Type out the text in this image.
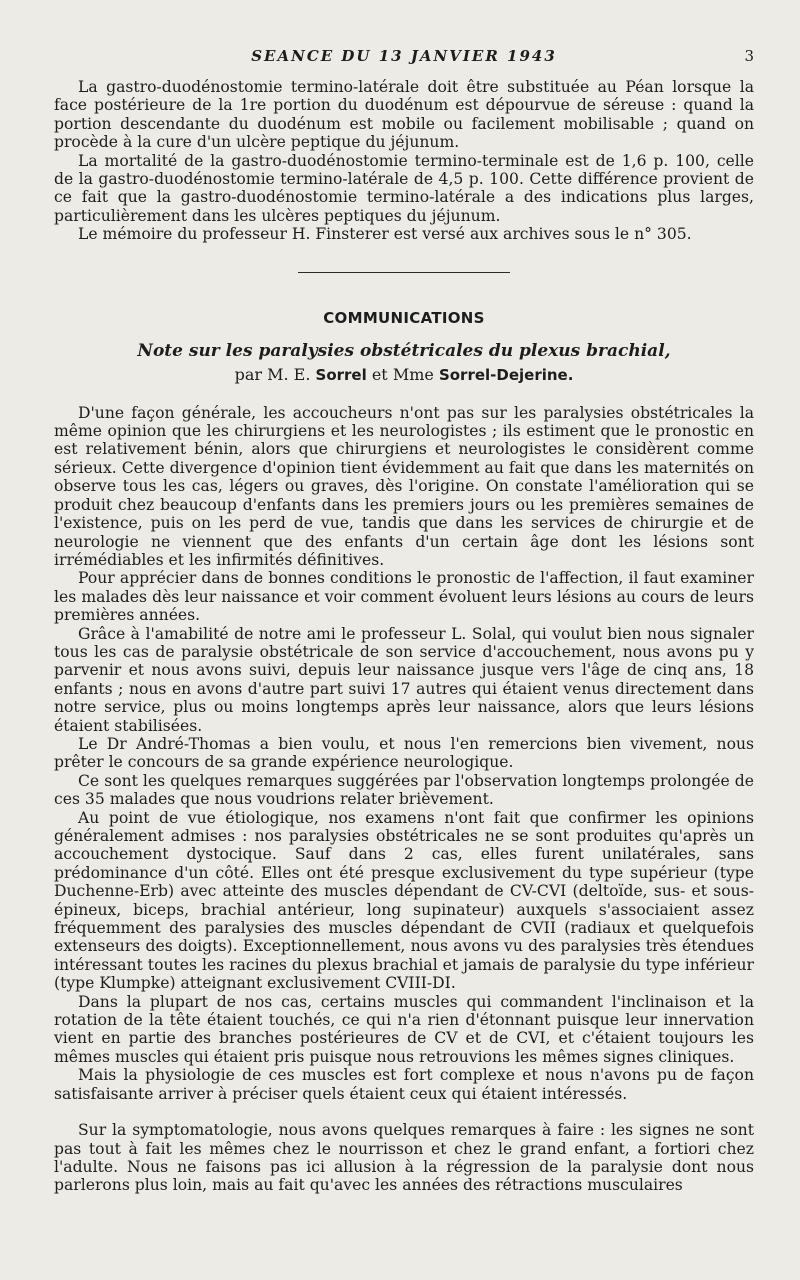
SEANCE DU 13 JANVIER 1943	3

La gastro-duodénostomie termino-latérale doit être substituée au Péan lorsque la face postérieure de la 1re portion du duodénum est dépourvue de séreuse : quand la portion descendante du duodénum est mobile ou facilement mobilisable ; quand on procède à la cure d'un ulcère peptique du jéjunum.

La mortalité de la gastro-duodénostomie termino-terminale est de 1,6 p. 100, celle de la gastro-duodénostomie termino-latérale de 4,5 p. 100. Cette différence provient de ce fait que la gastro-duodénostomie termino-latérale a des indications plus larges, particulièrement dans les ulcères peptiques du jéjunum.

Le mémoire du professeur H. Finsterer est versé aux archives sous le n° 305.

COMMUNICATIONS
Note sur les paralysies obstétricales du plexus brachial,
par M. E. Sorrel et Mme Sorrel-Dejerine.

D'une façon générale, les accoucheurs n'ont pas sur les paralysies obstétricales la même opinion que les chirurgiens et les neurologistes ; ils estiment que le pronostic en est relativement bénin, alors que chirurgiens et neurologistes le considèrent comme sérieux. Cette divergence d'opinion tient évidemment au fait que dans les maternités on observe tous les cas, légers ou graves, dès l'origine. On constate l'amélioration qui se produit chez beaucoup d'enfants dans les premiers jours ou les premières semaines de l'existence, puis on les perd de vue, tandis que dans les services de chirurgie et de neurologie ne viennent que des enfants d'un certain âge dont les lésions sont irrémédiables et les infirmités définitives.

Pour apprécier dans de bonnes conditions le pronostic de l'affection, il faut examiner les malades dès leur naissance et voir comment évoluent leurs lésions au cours de leurs premières années.

Grâce à l'amabilité de notre ami le professeur L. Solal, qui voulut bien nous signaler tous les cas de paralysie obstétricale de son service d'accouchement, nous avons pu y parvenir et nous avons suivi, depuis leur naissance jusque vers l'âge de cinq ans, 18 enfants ; nous en avons d'autre part suivi 17 autres qui étaient venus directement dans notre service, plus ou moins longtemps après leur naissance, alors que leurs lésions étaient stabilisées.

Le Dr André-Thomas a bien voulu, et nous l'en remercions bien vivement, nous prêter le concours de sa grande expérience neurologique.

Ce sont les quelques remarques suggérées par l'observation longtemps prolongée de ces 35 malades que nous voudrions relater brièvement.

Au point de vue étiologique, nos examens n'ont fait que confirmer les opinions généralement admises : nos paralysies obstétricales ne se sont produites qu'après un accouchement dystocique. Sauf dans 2 cas, elles furent unilatérales, sans prédominance d'un côté. Elles ont été presque exclusivement du type supérieur (type Duchenne-Erb) avec atteinte des muscles dépendant de CV-CVI (deltoïde, sus- et sous-épineux, biceps, brachial antérieur, long supinateur) auxquels s'associaient assez fréquemment des paralysies des muscles dépendant de CVII (radiaux et quelquefois extenseurs des doigts). Exceptionnellement, nous avons vu des paralysies très étendues intéressant toutes les racines du plexus brachial et jamais de paralysie du type inférieur (type Klumpke) atteignant exclusivement CVIII-DI.

Dans la plupart de nos cas, certains muscles qui commandent l'inclinaison et la rotation de la tête étaient touchés, ce qui n'a rien d'étonnant puisque leur innervation vient en partie des branches postérieures de CV et de CVI, et c'étaient toujours les mêmes muscles qui étaient pris puisque nous retrouvions les mêmes signes cliniques.

Mais la physiologie de ces muscles est fort complexe et nous n'avons pu de façon satisfaisante arriver à préciser quels étaient ceux qui étaient intéressés.

Sur la symptomatologie, nous avons quelques remarques à faire : les signes ne sont pas tout à fait les mêmes chez le nourrisson et chez le grand enfant, a fortiori chez l'adulte. Nous ne faisons pas ici allusion à la régression de la paralysie dont nous parlerons plus loin, mais au fait qu'avec les années des rétractions musculaires
